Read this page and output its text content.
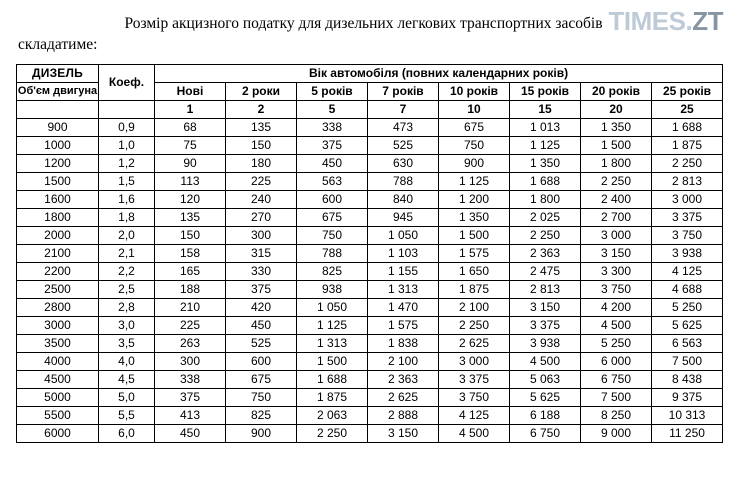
TIMES.ZT
Розмір акцизного податку для дизельних легкових транспортних засобів
складатиме:
ДИЗЕЛЬ	Коеф.	Вік автомобіля (повних календарних років)							
Об'єм двигуна		Нові	2 роки	5 років	7 років	10 років	15 років	20 років	25 років
		1	2	5	7	10	15	20	25
900	0,9	68	135	338	473	675	1 013	1 350	1 688
1000	1,0	75	150	375	525	750	1 125	1 500	1 875
1200	1,2	90	180	450	630	900	1 350	1 800	2 250
1500	1,5	113	225	563	788	1 125	1 688	2 250	2 813
1600	1,6	120	240	600	840	1 200	1 800	2 400	3 000
1800	1,8	135	270	675	945	1 350	2 025	2 700	3 375
2000	2,0	150	300	750	1 050	1 500	2 250	3 000	3 750
2100	2,1	158	315	788	1 103	1 575	2 363	3 150	3 938
2200	2,2	165	330	825	1 155	1 650	2 475	3 300	4 125
2500	2,5	188	375	938	1 313	1 875	2 813	3 750	4 688
2800	2,8	210	420	1 050	1 470	2 100	3 150	4 200	5 250
3000	3,0	225	450	1 125	1 575	2 250	3 375	4 500	5 625
3500	3,5	263	525	1 313	1 838	2 625	3 938	5 250	6 563
4000	4,0	300	600	1 500	2 100	3 000	4 500	6 000	7 500
4500	4,5	338	675	1 688	2 363	3 375	5 063	6 750	8 438
5000	5,0	375	750	1 875	2 625	3 750	5 625	7 500	9 375
5500	5,5	413	825	2 063	2 888	4 125	6 188	8 250	10 313
6000	6,0	450	900	2 250	3 150	4 500	6 750	9 000	11 250
